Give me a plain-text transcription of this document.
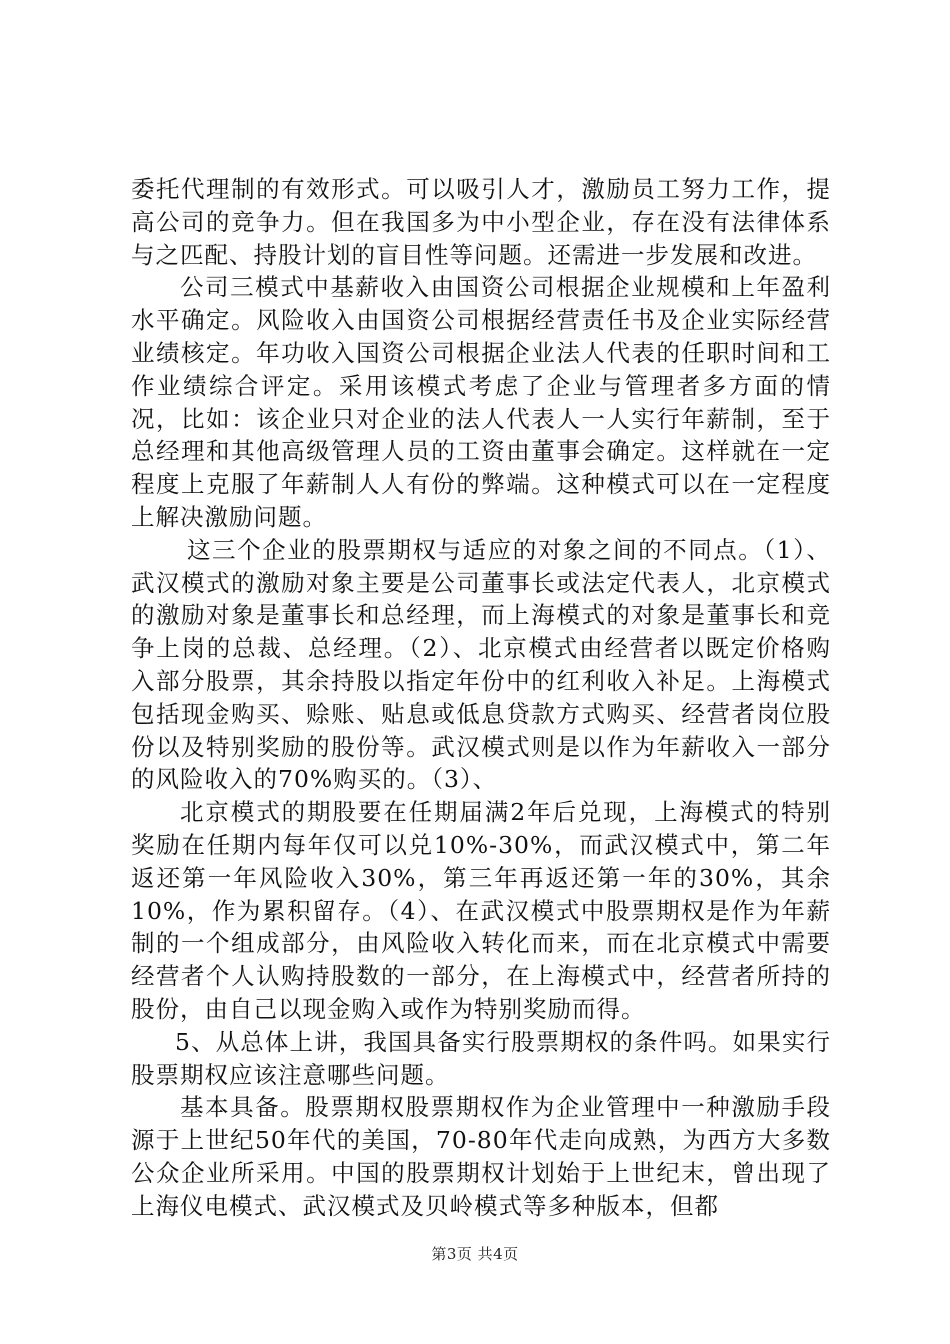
委托代理制的有效形式。可以吸引人才，激励员工努力工作，提高公司的竞争力。但在我国多为中小型企业，存在没有法律体系与之匹配、持股计划的盲目性等问题。还需进一步发展和改进。

公司三模式中基薪收入由国资公司根据企业规模和上年盈利水平确定。风险收入由国资公司根据经营责任书及企业实际经营业绩核定。年功收入国资公司根据企业法人代表的任职时间和工作业绩综合评定。采用该模式考虑了企业与管理者多方面的情况，比如：该企业只对企业的法人代表人一人实行年薪制，至于总经理和其他高级管理人员的工资由董事会确定。这样就在一定程度上克服了年薪制人人有份的弊端。这种模式可以在一定程度上解决激励问题。

这三个企业的股票期权与适应的对象之间的不同点。（1）、武汉模式的激励对象主要是公司董事长或法定代表人，北京模式的激励对象是董事长和总经理，而上海模式的对象是董事长和竞争上岗的总裁、总经理。（2）、北京模式由经营者以既定价格购入部分股票，其余持股以指定年份中的红利收入补足。上海模式包括现金购买、赊账、贴息或低息贷款方式购买、经营者岗位股份以及特别奖励的股份等。武汉模式则是以作为年薪收入一部分的风险收入的70%购买的。（3）、

北京模式的期股要在任期届满2年后兑现，上海模式的特别奖励在任期内每年仅可以兑10%-30%，而武汉模式中，第二年返还第一年风险收入30%，第三年再返还第一年的30%，其余10%，作为累积留存。（4）、在武汉模式中股票期权是作为年薪制的一个组成部分，由风险收入转化而来，而在北京模式中需要经营者个人认购持股数的一部分，在上海模式中，经营者所持的股份，由自己以现金购入或作为特别奖励而得。

5、从总体上讲，我国具备实行股票期权的条件吗。如果实行股票期权应该注意哪些问题。

基本具备。股票期权股票期权作为企业管理中一种激励手段源于上世纪50年代的美国，70-80年代走向成熟，为西方大多数公众企业所采用。中国的股票期权计划始于上世纪末，曾出现了上海仪电模式、武汉模式及贝岭模式等多种版本，但都

第3页 共4页
